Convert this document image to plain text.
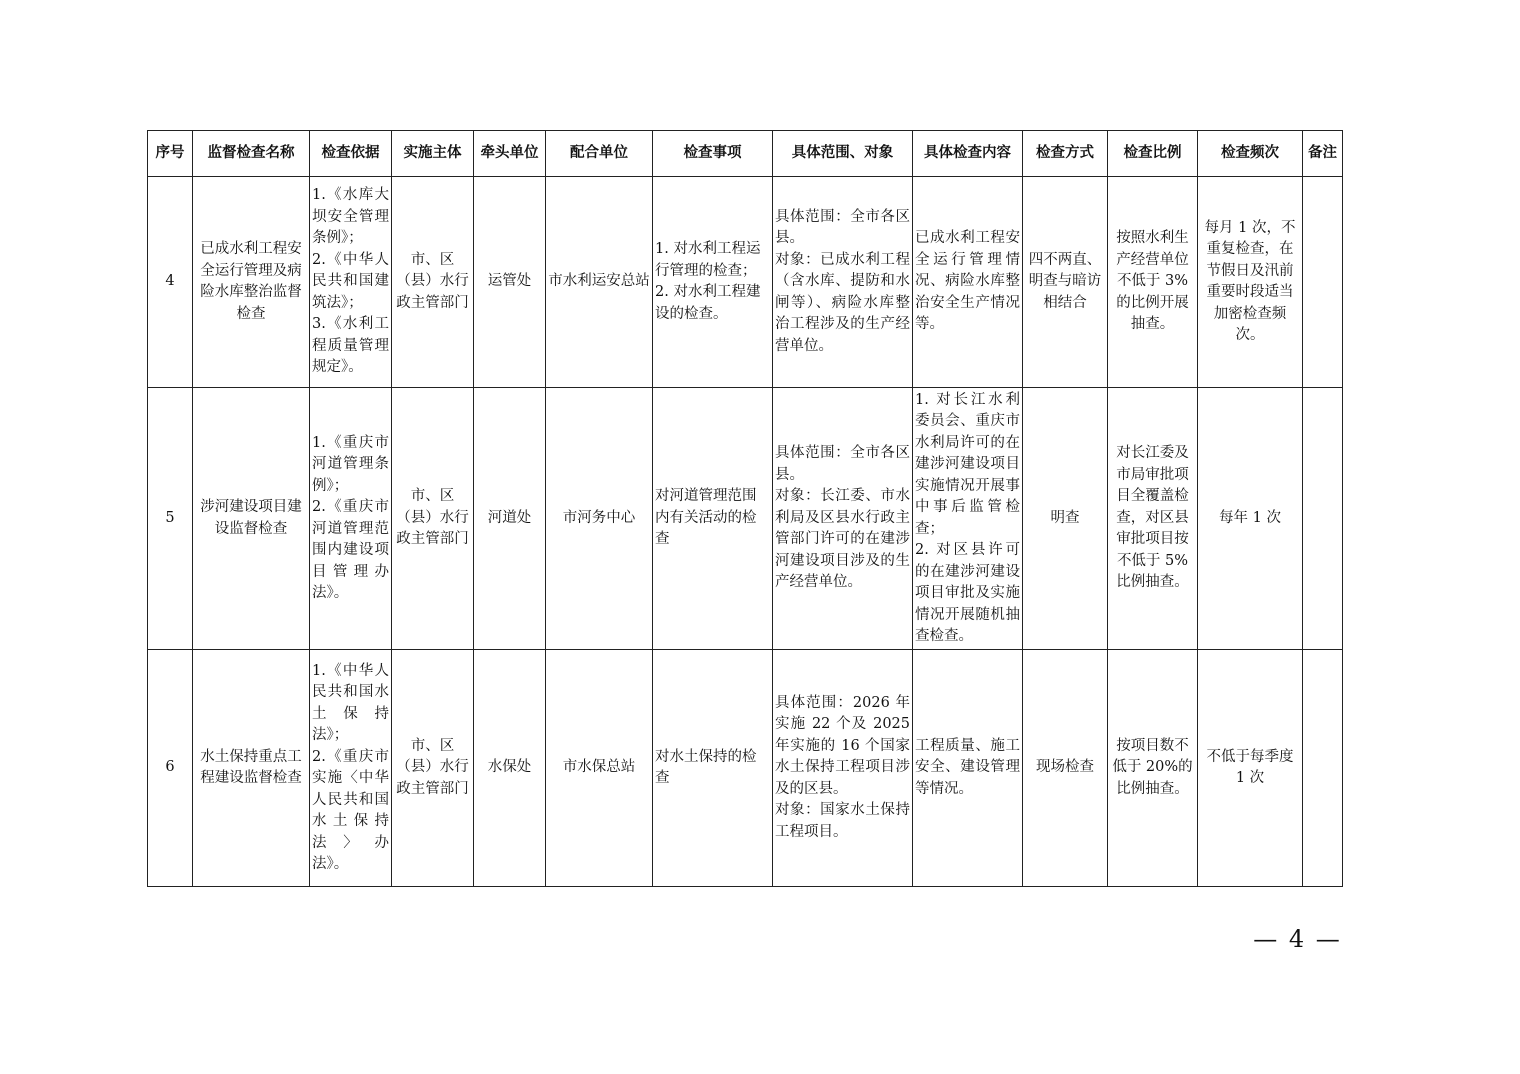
序号	监督检查名称	检查依据	实施主体	牵头单位	配合单位	检查事项	具体范围、对象	具体检查内容	检查方式	检查比例	检查频次	备注
4	已成水利工程安全运行管理及病险水库整治监督检查	1.《水库大坝安全管理条例》；
2.《中华人民共和国建筑法》；
3.《水利工程质量管理规定》。	市、区（县）水行政主管部门	运管处	市水利运安总站	1. 对水利工程运行管理的检查；
2. 对水利工程建设的检查。	具体范围：全市各区县。
对象：已成水利工程（含水库、提防和水闸等）、病险水库整治工程涉及的生产经营单位。	已成水利工程安全运行管理情况、病险水库整治安全生产情况等。	四不两直、明查与暗访相结合	按照水利生产经营单位不低于 3%的比例开展抽查。	每月 1 次，不重复检查，在节假日及汛前重要时段适当加密检查频次。	
5	涉河建设项目建设监督检查	1.《重庆市河道管理条例》；
2.《重庆市河道管理范围内建设项目管理办法》。	市、区（县）水行政主管部门	河道处	市河务中心	对河道管理范围内有关活动的检查	具体范围：全市各区县。
对象：长江委、市水利局及区县水行政主管部门许可的在建涉河建设项目涉及的生产经营单位。	1. 对长江水利委员会、重庆市水利局许可的在建涉河建设项目实施情况开展事中事后监管检查；
2. 对区县许可的在建涉河建设项目审批及实施情况开展随机抽查检查。	明查	对长江委及市局审批项目全覆盖检查，对区县审批项目按不低于 5%比例抽查。	每年 1 次	
6	水土保持重点工程建设监督检查	1.《中华人民共和国水土保持法》；
2.《重庆市实施〈中华人民共和国水土保持法〉办法》。	市、区（县）水行政主管部门	水保处	市水保总站	对水土保持的检查	具体范围：2026 年实施 22 个及 2025 年实施的 16 个国家水土保持工程项目涉及的区县。
对象：国家水土保持工程项目。	工程质量、施工安全、建设管理等情况。	现场检查	按项目数不低于 20%的比例抽查。	不低于每季度 1 次	
— 4 —
